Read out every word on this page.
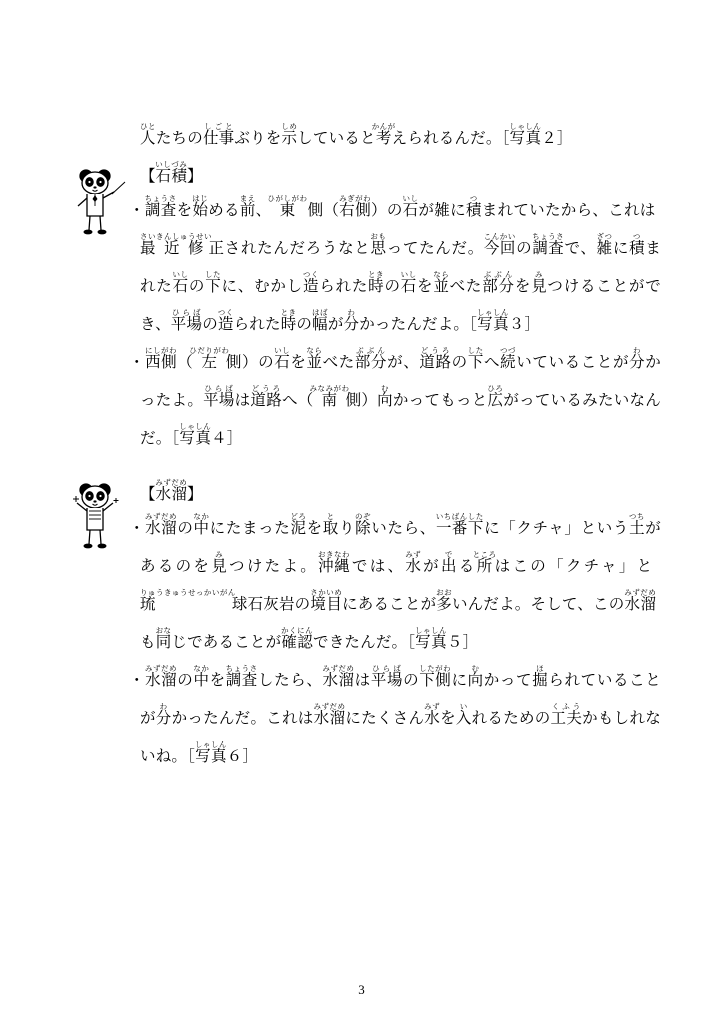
人ひとたちの仕事しごとぶりを示しめしていると考かんがえられるんだ。［写真しゃしん２］

【石積いしづみ】

・調査ちょうさを始はじめる前まえ、東ひがしがわ側（右側みぎがわ）の石いしが雑に積つまれていたから、これは最近修さいきんしゅうせい正されたんだろうなと思おもってたんだ。今回こんかいの調査ちょうさで、雑ざつに積つまれた石いしの下したに、むかし造つくられた時ときの石いしを並ならべた部分ぶぶんを見みつけることができ、平場ひらばの造つくられた時ときの幅はばが分わかったんだよ。［写真しゃしん３］

・西側にしがわ（左ひだりがわ側）の石いしを並ならべた部分ぶぶんが、道路どうろの下したへ続つづいていることが分わかったよ。平場ひらばは道路どうろへ（南みなみがわ側）向むかってもっと広ひろがっているみたいなんだ。［写真しゃしん４］

【水溜みずだめ】

・水溜みずだめの中なかにたまった泥どろを取とり除のぞいたら、一番下いちばんしたに「クチャ」という土つちがあるのを見みつけたよ。沖縄おきなわでは、水みずが出でる所ところはこの「クチャ」と琉りゅうきゅうせっかいがん球石灰岩の境目さかいめにあることが多おおいんだよ。そして、この水溜みずだめも同おなじであることが確認かくにんできたんだ。［写真しゃしん５］

・水溜みずだめの中なかを調査ちょうさしたら、水溜みずだめは平場ひらばの下側したがわに向むかって掘ほられていることが分わかったんだ。これは水溜みずだめにたくさん水みずを入いれるための工夫くふうかもしれないね。［写真しゃしん６］

3
